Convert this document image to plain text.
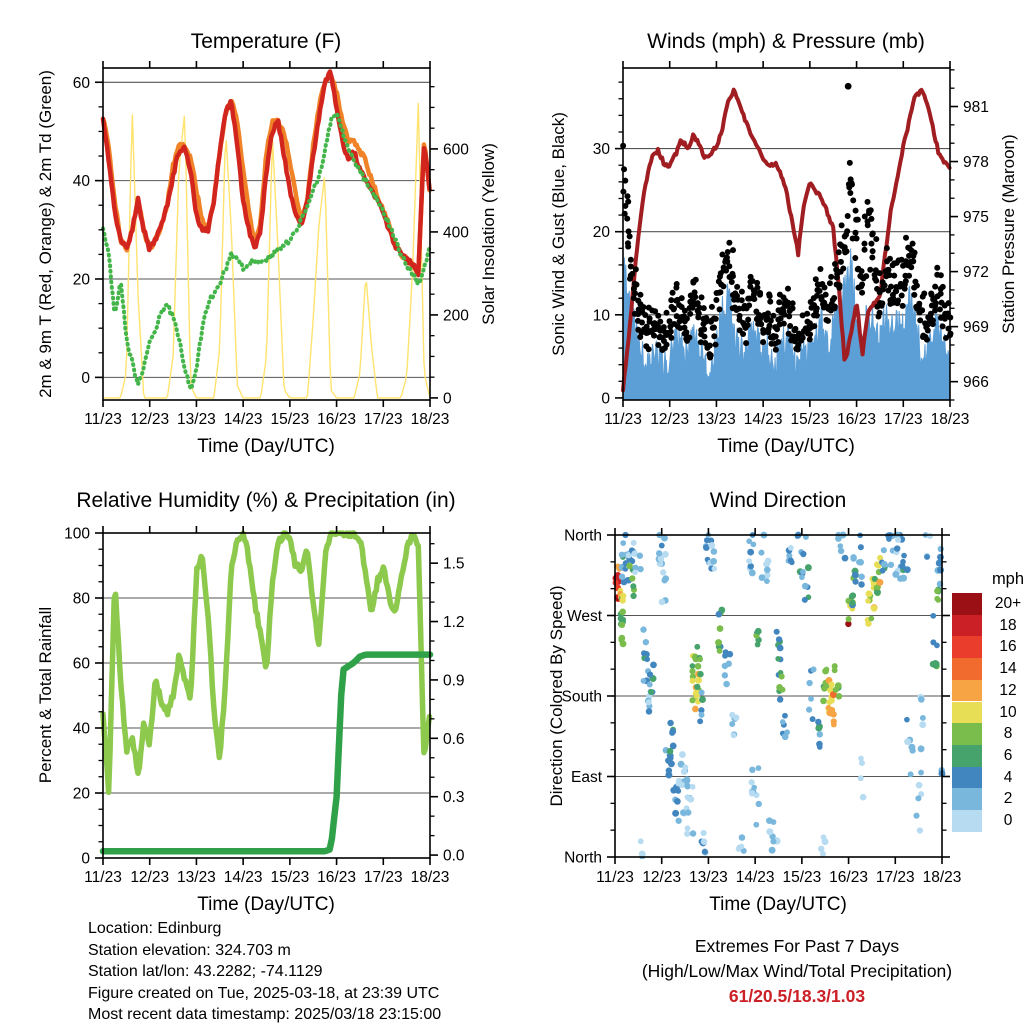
11/23 12/23 13/23 14/23 15/23 16/23 17/23 18/23
0
20
40
60
0
200
400
600
11/23 12/23 13/23 14/23 15/23 16/23 17/23 18/23
0
10
20
30
966
969
972
975
978
981
11/23 12/23 13/23 14/23 15/23 16/23 17/23 18/23
0
20
40
60
80
100
0.0
0.3
0.6
0.9
1.2
1.5
11/23 12/23 13/23 14/23 15/23 16/23 17/23 18/23
North
East
South
West
North
Temperature (F)	Winds (mph) & Pressure (mb)
Relative Humidity (%) & Precipitation (in)	Wind Direction
Time (Day/UTC)	Time (Day/UTC)
Time (Day/UTC)	Time (Day/UTC)
2m & 9m T (Red, Orange) & 2m Td (Green)	Solar Insolation (Yellow)	Sonic Wind & Gust (Blue, Black)	Station Pressure (Maroon)
Percent & Total Rainfall	Direction (Colored By Speed)
Location: Edinburg
Station elevation: 324.703 m
Station lat/lon: 43.2282; -74.1129
Figure created on Tue, 2025-03-18, at 23:39 UTC
Most recent data timestamp: 2025/03/18 23:15:00
Extremes For Past 7 Days
(High/Low/Max Wind/Total Precipitation)
61/20.5/18.3/1.03
mph
20+
18
16
14
12
10
8
6
4
2
0
